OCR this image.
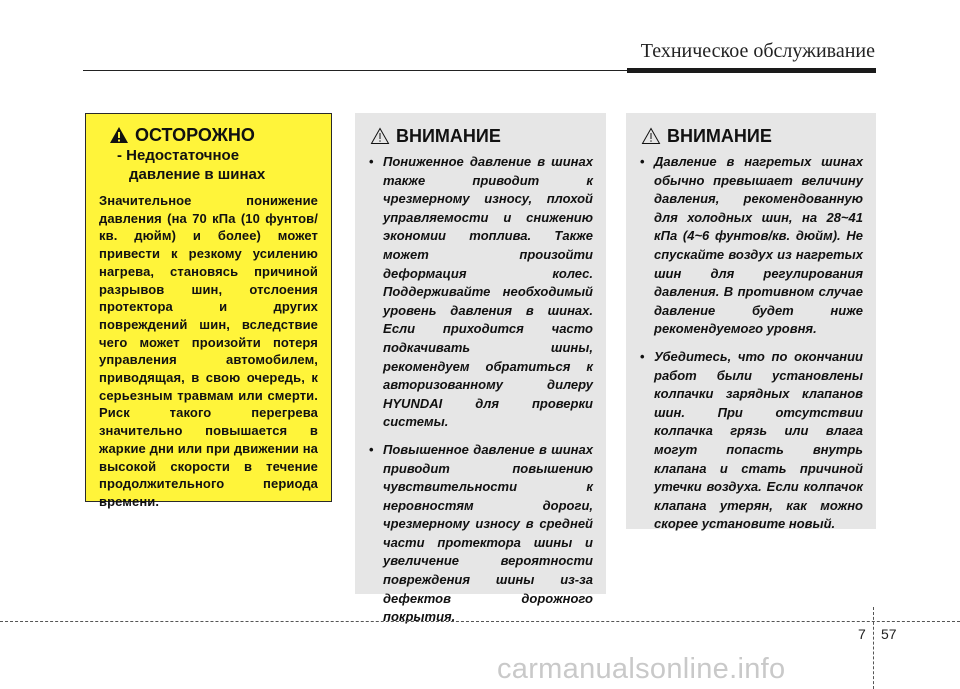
Техническое обслуживание
ОСТОРОЖНО
- Недостаточное
давление в шинах

Значительное понижение давления (на 70 кПа (10 фунтов/кв. дюйм) и более) может привести к резкому усилению нагрева, становясь причиной разрывов шин, отслоения протектора и других повреждений шин, вследствие чего может произойти потеря управления автомобилем, приводящая, в свою очередь, к серьезным травмам или смерти. Риск такого перегрева значительно повышается в жаркие дни или при движении на высокой скорости в течение продолжительного периода времени.

ВНИМАНИЕ
• Пониженное давление в шинах также приводит к чрезмерному износу, плохой управляемости и снижению экономии топлива. Также может произойти деформация колес. Поддерживайте необходимый уровень давления в шинах. Если приходится часто подкачивать шины, рекомендуем обратиться к авторизованному дилеру HYUNDAI для проверки системы.
• Повышенное давление в шинах приводит повышению чувствительности к неровностям дороги, чрезмерному износу в средней части протектора шины и увеличение вероятности повреждения шины из-за дефектов дорожного покрытия.
ВНИМАНИЕ
• Давление в нагретых шинах обычно превышает величину давления, рекомендованную для холодных шин, на 28~41 кПа (4~6 фунтов/кв. дюйм). Не спускайте воздух из нагретых шин для регулирования давления. В противном случае давление будет ниже рекомендуемого уровня.
• Убедитесь, что по окончании работ были установлены колпачки зарядных клапанов шин. При отсутствии колпачка грязь или влага могут попасть внутрь клапана и стать причиной утечки воздуха. Если колпачок клапана утерян, как можно скорее установите новый.
7 57
carmanualsonline.info
